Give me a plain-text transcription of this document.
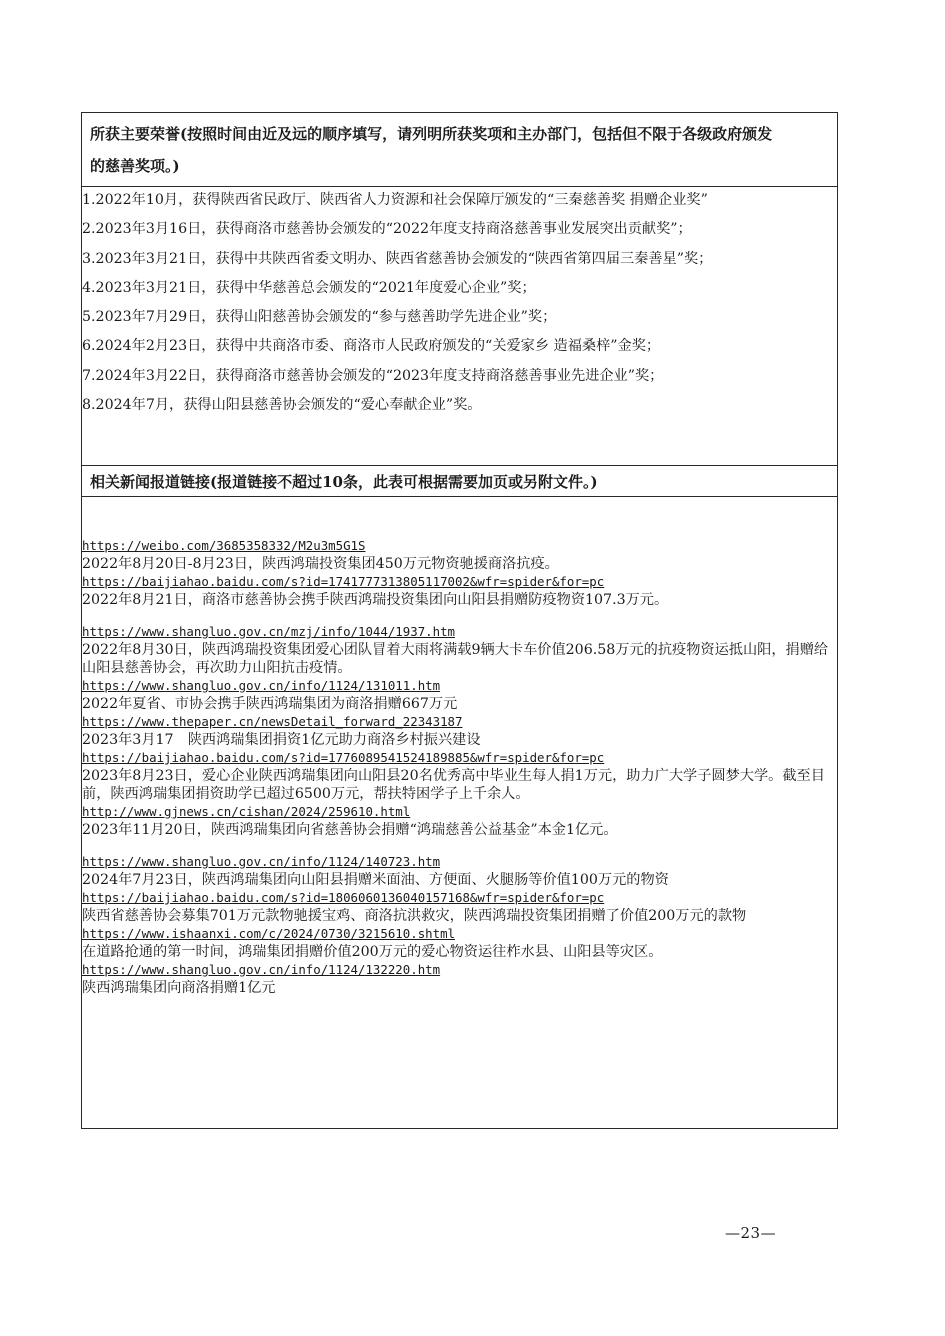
所获主要荣誉(按照时间由近及远的顺序填写，请列明所获奖项和主办部门，包括但不限于各级政府颁发
的慈善奖项。)
1.2022年10月，获得陕西省民政厅、陕西省人力资源和社会保障厅颁发的“三秦慈善奖 捐赠企业奖”
2.2023年3月16日，获得商洛市慈善协会颁发的“2022年度支持商洛慈善事业发展突出贡献奖”；
3.2023年3月21日，获得中共陕西省委文明办、陕西省慈善协会颁发的“陕西省第四届三秦善星”奖；
4.2023年3月21日，获得中华慈善总会颁发的“2021年度爱心企业”奖；
5.2023年7月29日，获得山阳慈善协会颁发的“参与慈善助学先进企业”奖；
6.2024年2月23日，获得中共商洛市委、商洛市人民政府颁发的“关爱家乡 造福桑梓”金奖；
7.2024年3月22日，获得商洛市慈善协会颁发的“2023年度支持商洛慈善事业先进企业”奖；
8.2024年7月，获得山阳县慈善协会颁发的“爱心奉献企业”奖。
相关新闻报道链接(报道链接不超过10条，此表可根据需要加页或另附文件。)
https://weibo.com/3685358332/M2u3m5G1S
2022年8月20日-8月23日，陕西鸿瑞投资集团450万元物资驰援商洛抗疫。
https://baijiahao.baidu.com/s?id=1741777313805117002&wfr=spider&for=pc
2022年8月21日，商洛市慈善协会携手陕西鸿瑞投资集团向山阳县捐赠防疫物资107.3万元。
https://www.shangluo.gov.cn/mzj/info/1044/1937.htm
2022年8月30日，陕西鸿瑞投资集团爱心团队冒着大雨将满载9辆大卡车价值206.58万元的抗疫物资运抵山阳，捐赠给山阳县慈善协会，再次助力山阳抗击疫情。
https://www.shangluo.gov.cn/info/1124/131011.htm
2022年夏省、市协会携手陕西鸿瑞集团为商洛捐赠667万元
https://www.thepaper.cn/newsDetail_forward_22343187
2023年3月17　陕西鸿瑞集团捐资1亿元助力商洛乡村振兴建设
https://baijiahao.baidu.com/s?id=1776089541524189885&wfr=spider&for=pc
2023年8月23日，爱心企业陕西鸿瑞集团向山阳县20名优秀高中毕业生每人捐1万元，助力广大学子圆梦大学。截至目前，陕西鸿瑞集团捐资助学已超过6500万元，帮扶特困学子上千余人。
http://www.gjnews.cn/cishan/2024/259610.html
2023年11月20日，陕西鸿瑞集团向省慈善协会捐赠“鸿瑞慈善公益基金”本金1亿元。
https://www.shangluo.gov.cn/info/1124/140723.htm
2024年7月23日，陕西鸿瑞集团向山阳县捐赠米面油、方便面、火腿肠等价值100万元的物资
https://baijiahao.baidu.com/s?id=1806060136040157168&wfr=spider&for=pc
陕西省慈善协会募集701万元款物驰援宝鸡、商洛抗洪救灾，陕西鸿瑞投资集团捐赠了价值200万元的款物
https://www.ishaanxi.com/c/2024/0730/3215610.shtml
在道路抢通的第一时间，鸿瑞集团捐赠价值200万元的爱心物资运往柞水县、山阳县等灾区。
https://www.shangluo.gov.cn/info/1124/132220.htm
陕西鸿瑞集团向商洛捐赠1亿元
—23—
